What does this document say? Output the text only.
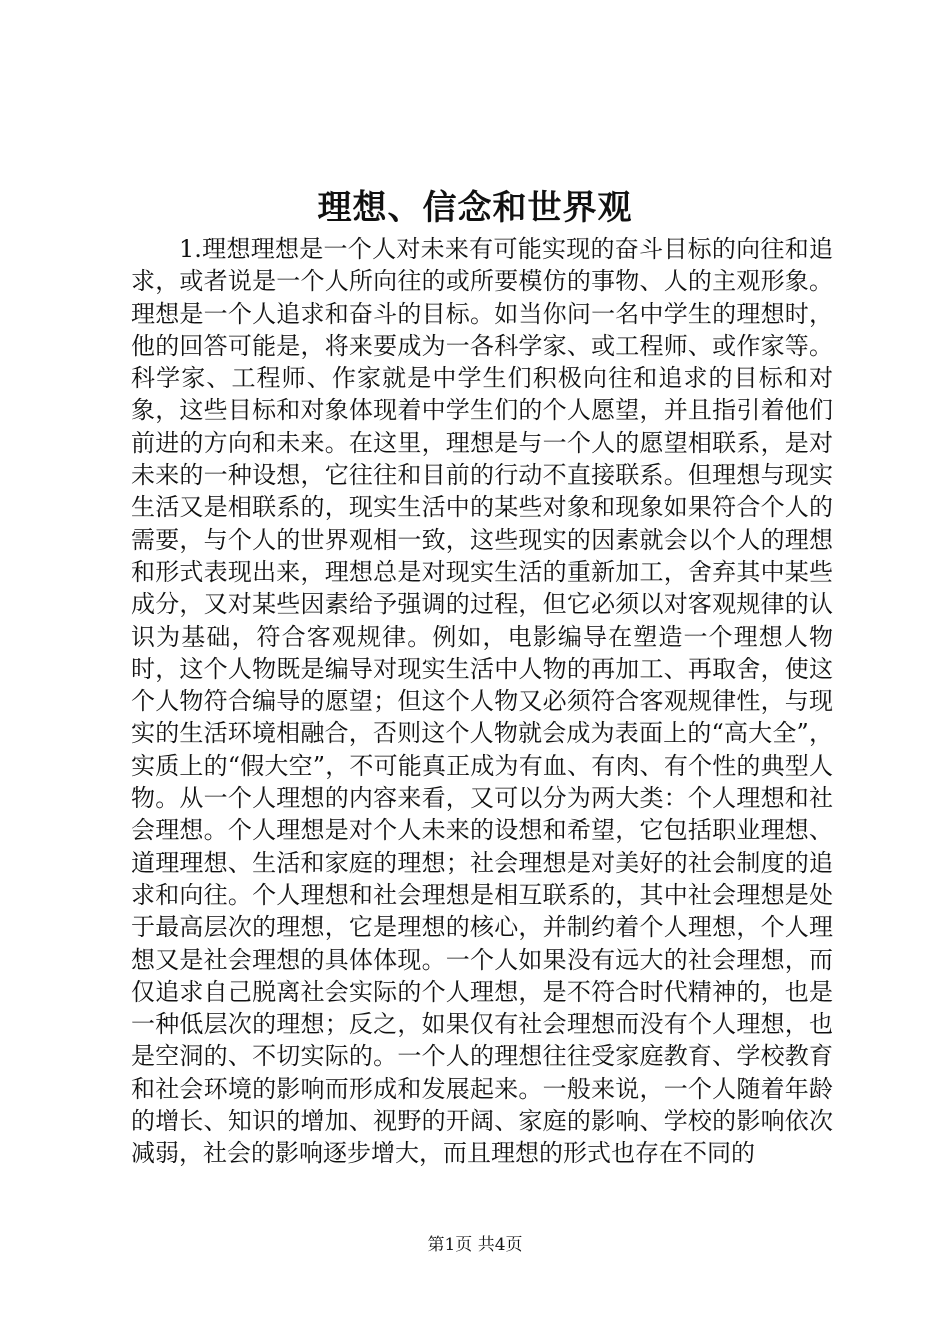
理想、信念和世界观

1.理想理想是一个人对未来有可能实现的奋斗目标的向往和追求，或者说是一个人所向往的或所要模仿的事物、人的主观形象。理想是一个人追求和奋斗的目标。如当你问一名中学生的理想时，他的回答可能是，将来要成为一各科学家、或工程师、或作家等。科学家、工程师、作家就是中学生们积极向往和追求的目标和对象，这些目标和对象体现着中学生们的个人愿望，并且指引着他们前进的方向和未来。在这里，理想是与一个人的愿望相联系，是对未来的一种设想，它往往和目前的行动不直接联系。但理想与现实生活又是相联系的，现实生活中的某些对象和现象如果符合个人的需要，与个人的世界观相一致，这些现实的因素就会以个人的理想和形式表现出来，理想总是对现实生活的重新加工，舍弃其中某些成分，又对某些因素给予强调的过程，但它必须以对客观规律的认识为基础，符合客观规律。例如，电影编导在塑造一个理想人物时，这个人物既是编导对现实生活中人物的再加工、再取舍，使这个人物符合编导的愿望；但这个人物又必须符合客观规律性，与现实的生活环境相融合，否则这个人物就会成为表面上的“高大全”，实质上的“假大空”，不可能真正成为有血、有肉、有个性的典型人物。从一个人理想的内容来看，又可以分为两大类：个人理想和社会理想。个人理想是对个人未来的设想和希望，它包括职业理想、道理理想、生活和家庭的理想；社会理想是对美好的社会制度的追求和向往。个人理想和社会理想是相互联系的，其中社会理想是处于最高层次的理想，它是理想的核心，并制约着个人理想，个人理想又是社会理想的具体体现。一个人如果没有远大的社会理想，而仅追求自己脱离社会实际的个人理想，是不符合时代精神的，也是一种低层次的理想；反之，如果仅有社会理想而没有个人理想，也是空洞的、不切实际的。一个人的理想往往受家庭教育、学校教育和社会环境的影响而形成和发展起来。一般来说，一个人随着年龄的增长、知识的增加、视野的开阔、家庭的影响、学校的影响依次减弱，社会的影响逐步增大，而且理想的形式也存在不同的

第1页 共4页
